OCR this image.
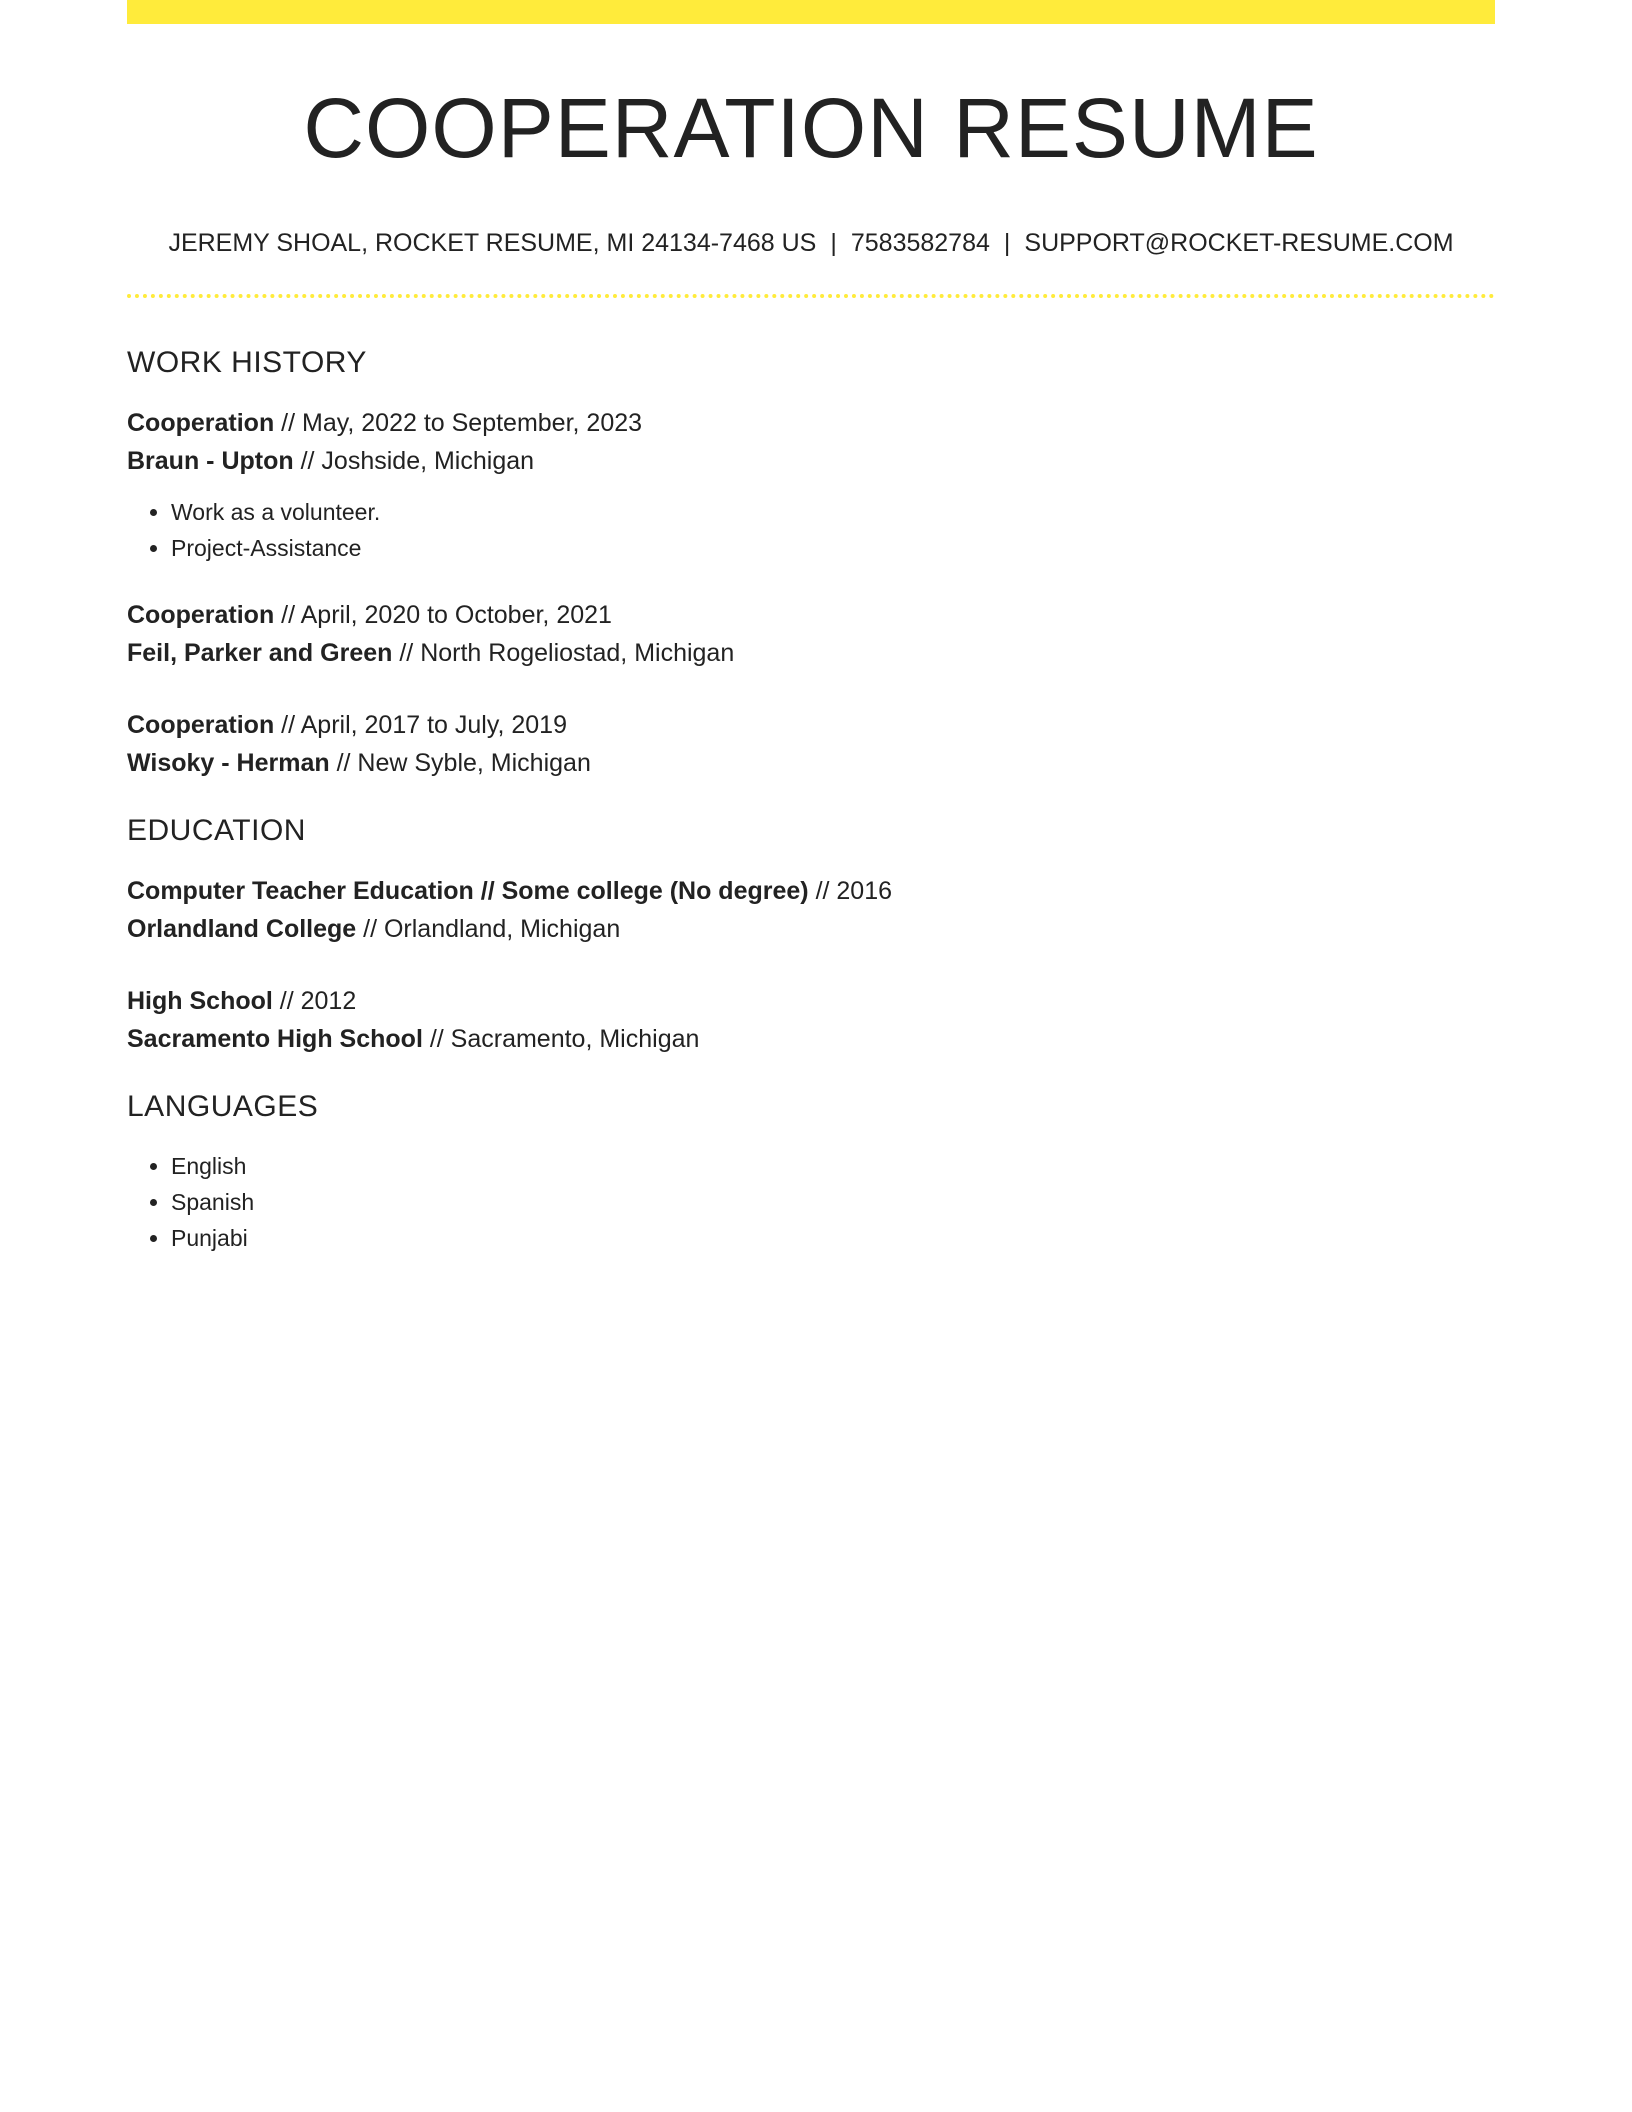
COOPERATION RESUME
JEREMY SHOAL, ROCKET RESUME, MI 24134-7468 US | 7583582784 | SUPPORT@ROCKET-RESUME.COM
WORK HISTORY

Cooperation // May, 2022 to September, 2023

Braun - Upton // Joshside, Michigan

• Work as a volunteer.
• Project-Assistance

Cooperation // April, 2020 to October, 2021

Feil, Parker and Green // North Rogeliostad, Michigan

Cooperation // April, 2017 to July, 2019

Wisoky - Herman // New Syble, Michigan

EDUCATION

Computer Teacher Education // Some college (No degree) // 2016

Orlandland College // Orlandland, Michigan

High School // 2012

Sacramento High School // Sacramento, Michigan

LANGUAGES
• English
• Spanish
• Punjabi
